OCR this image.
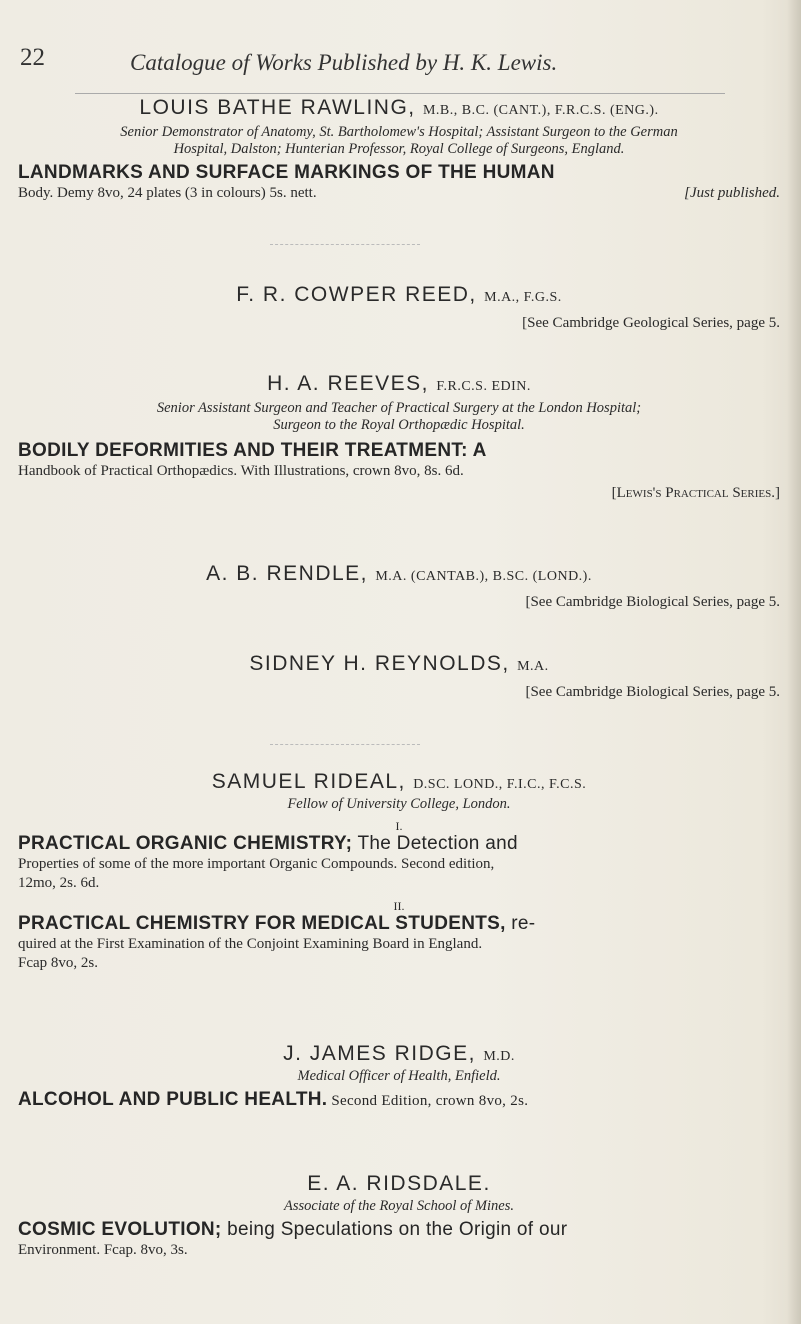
22	Catalogue of Works Published by H. K. Lewis.
LOUIS BATHE RAWLING, M.B., B.C. (CANT.), F.R.C.S. (ENG.).
Senior Demonstrator of Anatomy, St. Bartholomew's Hospital; Assistant Surgeon to the German
Hospital, Dalston; Hunterian Professor, Royal College of Surgeons, England.
LANDMARKS AND SURFACE MARKINGS OF THE HUMAN
Body. Demy 8vo, 24 plates (3 in colours) 5s. nett.	[Just published.
F. R. COWPER REED, M.A., F.G.S.
[See Cambridge Geological Series, page 5.
H. A. REEVES, F.R.C.S. EDIN.
Senior Assistant Surgeon and Teacher of Practical Surgery at the London Hospital;
Surgeon to the Royal Orthopædic Hospital.
BODILY DEFORMITIES AND THEIR TREATMENT: A
Handbook of Practical Orthopædics. With Illustrations, crown 8vo, 8s. 6d.
[Lewis's Practical Series.]
A. B. RENDLE, M.A. (CANTAB.), B.SC. (LOND.).
[See Cambridge Biological Series, page 5.
SIDNEY H. REYNOLDS, M.A.
[See Cambridge Biological Series, page 5.
SAMUEL RIDEAL, D.SC. LOND., F.I.C., F.C.S.
Fellow of University College, London.
I.
PRACTICAL ORGANIC CHEMISTRY; The Detection and
Properties of some of the more important Organic Compounds. Second edition,
12mo, 2s. 6d.
II.
PRACTICAL CHEMISTRY FOR MEDICAL STUDENTS, re-
quired at the First Examination of the Conjoint Examining Board in England.
Fcap 8vo, 2s.
J. JAMES RIDGE, M.D.
Medical Officer of Health, Enfield.
ALCOHOL AND PUBLIC HEALTH. Second Edition, crown 8vo, 2s.
E. A. RIDSDALE.
Associate of the Royal School of Mines.
COSMIC EVOLUTION; being Speculations on the Origin of our
Environment. Fcap. 8vo, 3s.
